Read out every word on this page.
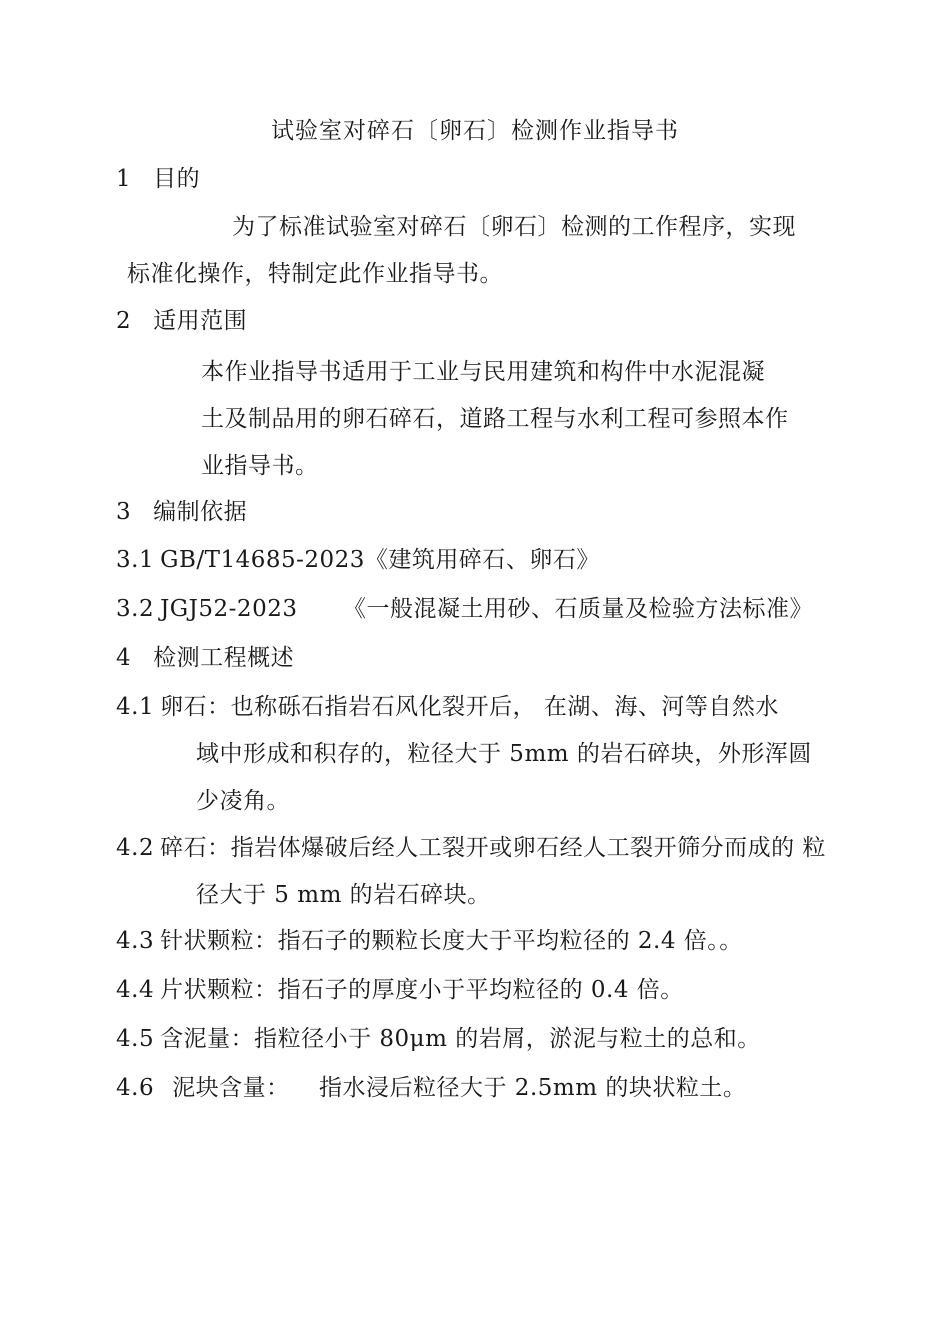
试验室对碎石〔卵石〕检测作业指导书
1 目的
为了标准试验室对碎石〔卵石〕检测的工作程序，实现
标准化操作，特制定此作业指导书。
2 适用范围
本作业指导书适用于工业与民用建筑和构件中水泥混凝
土及制品用的卵石碎石，道路工程与水利工程可参照本作
业指导书。
3 编制依据
3.1 GB/T14685-2023《建筑用碎石、卵石》
3.2 JGJ52-2023 《一般混凝土用砂、石质量及检验方法标准》
4 检测工程概述
4.1 卵石：也称砾石指岩石风化裂开后， 在湖、海、河等自然水
域中形成和积存的，粒径大于 5mm 的岩石碎块，外形浑圆
少凌角。
4.2 碎石：指岩体爆破后经人工裂开或卵石经人工裂开筛分而成的 粒
径大于 5 mm 的岩石碎块。
4.3 针状颗粒：指石子的颗粒长度大于平均粒径的 2.4 倍。。
4.4 片状颗粒：指石子的厚度小于平均粒径的 0.4 倍。
4.5 含泥量：指粒径小于 80μm 的岩屑，淤泥与粒土的总和。
4.6 泥块含量： 指水浸后粒径大于 2.5mm 的块状粒土。
